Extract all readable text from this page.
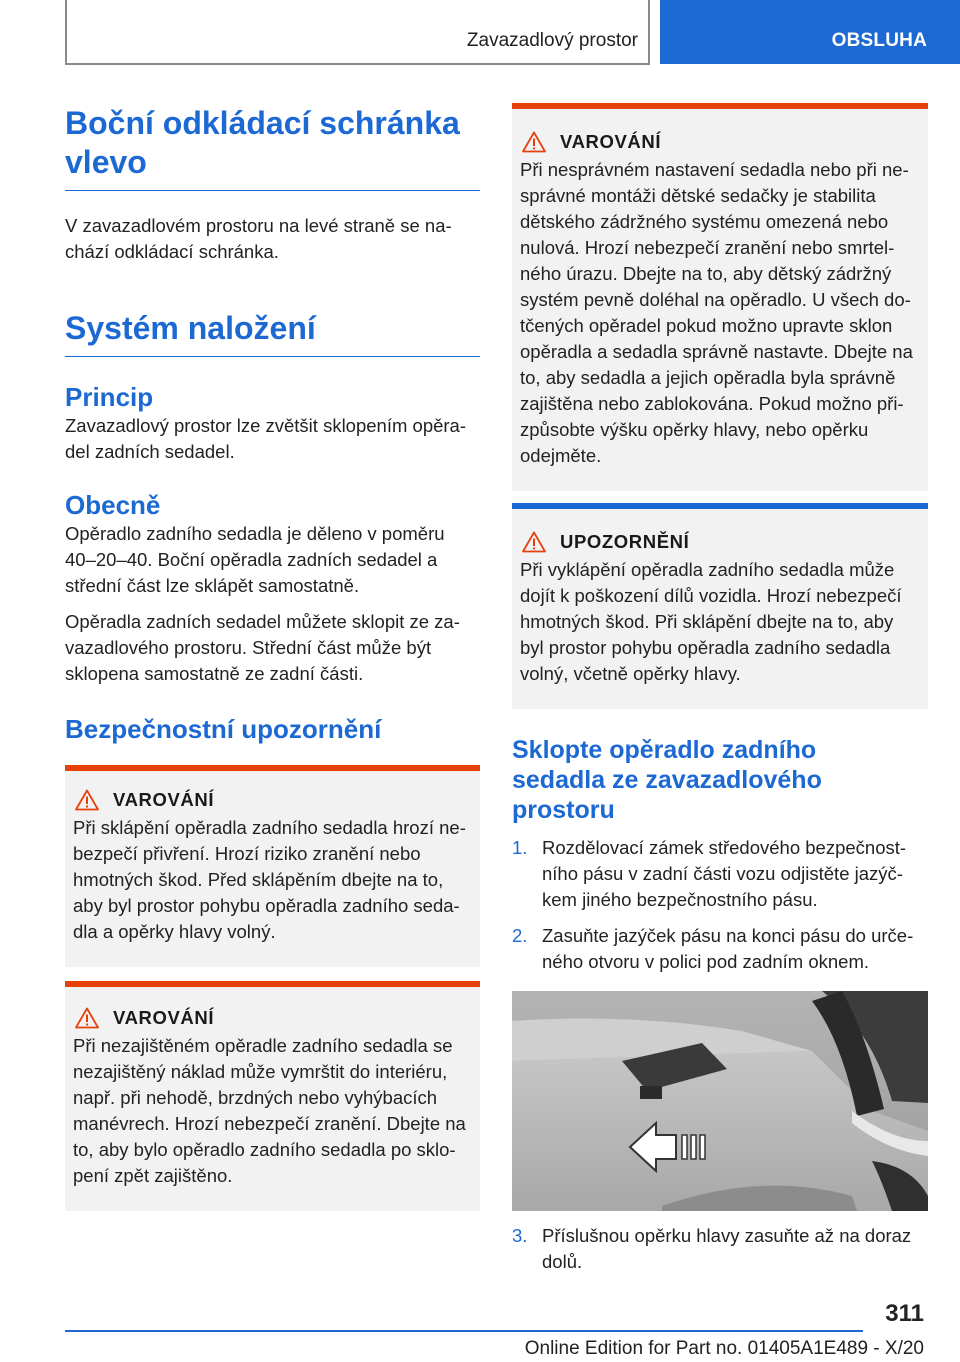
Zavazadlový prostor	OBSLUHA
Boční odkládací schránka vlevo

V zavazadlovém prostoru na levé straně se na-chází odkládací schránka.

Systém naložení
Princip

Zavazadlový prostor lze zvětšit sklopením opěra-del zadních sedadel.

Obecně

Opěradlo zadního sedadla je děleno v poměru 40–20–40. Boční opěradla zadních sedadel a střední část lze sklápět samostatně.

Opěradla zadních sedadel můžete sklopit ze za-vazadlového prostoru. Střední část může být sklopena samostatně ze zadní části.

Bezpečnostní upozornění
VAROVÁNÍ

Při sklápění opěradla zadního sedadla hrozí ne-bezpečí přivření. Hrozí riziko zranění nebo hmotných škod. Před sklápěním dbejte na to, aby byl prostor pohybu opěradla zadního seda-dla a opěrky hlavy volný.

VAROVÁNÍ

Při nezajištěném opěradle zadního sedadla se nezajištěný náklad může vymrštit do interiéru, např. při nehodě, brzdných nebo vyhýbacích manévrech. Hrozí nebezpečí zranění. Dbejte na to, aby bylo opěradlo zadního sedadla po sklo-pení zpět zajištěno.

VAROVÁNÍ

Při nesprávném nastavení sedadla nebo při ne-správné montáži dětské sedačky je stabilita dětského zádržného systému omezená nebo nulová. Hrozí nebezpečí zranění nebo smrtel-ného úrazu. Dbejte na to, aby dětský zádržný systém pevně doléhal na opěradlo. U všech do-tčených opěradel pokud možno upravte sklon opěradla a sedadla správně nastavte. Dbejte na to, aby sedadla a jejich opěradla byla správně zajištěna nebo zablokována. Pokud možno při-způsobte výšku opěrky hlavy, nebo opěrku odejměte.

UPOZORNĚNÍ

Při vyklápění opěradla zadního sedadla může dojít k poškození dílů vozidla. Hrozí nebezpečí hmotných škod. Při sklápění dbejte na to, aby byl prostor pohybu opěradla zadního sedadla volný, včetně opěrky hlavy.

Sklopte opěradlo zadního sedadla ze zavazadlového prostoru
1. Rozdělovací zámek středového bezpečnost-ního pásu v zadní části vozu odjistěte jazýč-kem jiného bezpečnostního pásu.
2. Zasuňte jazýček pásu na konci pásu do urče-ného otvoru v polici pod zadním oknem.
3. Příslušnou opěrku hlavy zasuňte až na doraz dolů.
311
Online Edition for Part no. 01405A1E489 - X/20
